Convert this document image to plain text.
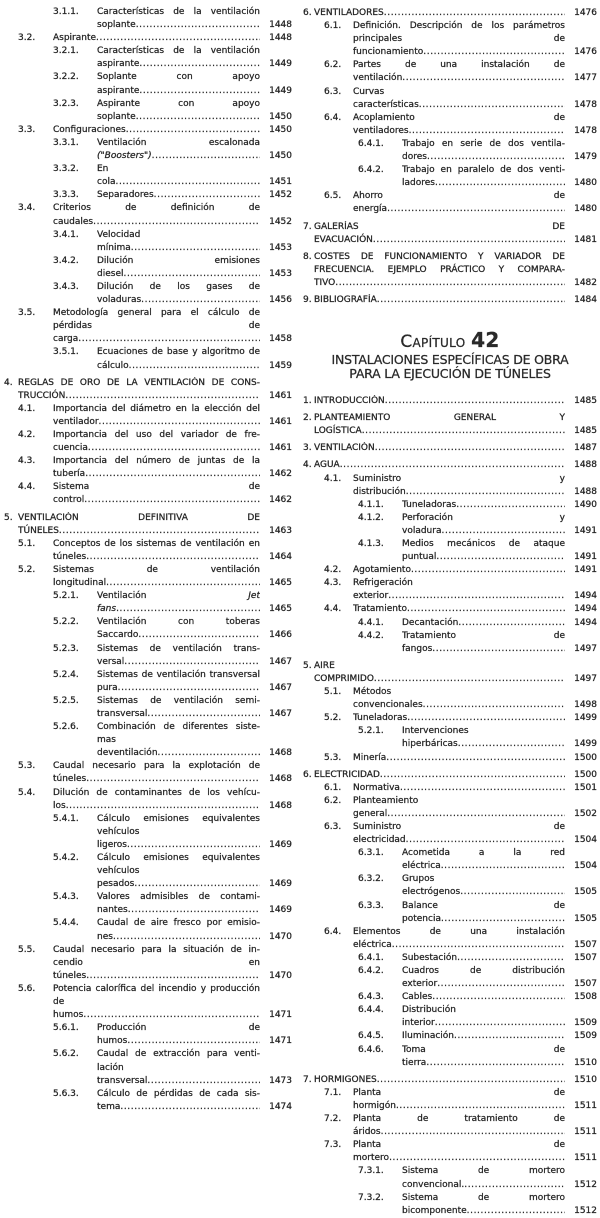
3.1.1.	Características de la ventilación soplante .....	1448
3.2.	Aspirante .....	1448
3.2.1.	Características de la ventilación aspirante .....	1449
3.2.2.	Soplante con apoyo aspirante .....	1449
3.2.3.	Aspirante con apoyo soplante .....	1450
3.3.	Configuraciones .....	1450
3.3.1.	Ventilación escalonada ("Boosters") .....	1450
3.3.2.	En cola .....	1451
3.3.3.	Separadores .....	1452
3.4.	Criterios de definición de caudales .....	1452
3.4.1.	Velocidad mínima .....	1453
3.4.2.	Dilución emisiones diesel .....	1453
3.4.3.	Dilución de los gases de voladuras .....	1456
3.5.	Metodología general para el cálculo de pérdidas de carga .....	1458
3.5.1.	Ecuaciones de base y algoritmo de cálculo .....	1459
4. REGLAS DE ORO DE LA VENTILACIÓN DE CONSTRUCCIÓN .....	1461
4.1.	Importancia del diámetro en la elección del ventilador .....	1461
4.2.	Importancia del uso del variador de frecuencia .....	1461
4.3.	Importancia del número de juntas de la tubería .....	1462
4.4.	Sistema de control .....	1462
5. VENTILACIÓN DEFINITIVA DE TÚNELES .....	1463
5.1.	Conceptos de los sistemas de ventilación en túneles .....	1464
5.2.	Sistemas de ventilación longitudinal .....	1465
5.2.1.	Ventilación Jet fans .....	1465
5.2.2.	Ventilación con toberas Saccardo .....	1466
5.2.3.	Sistemas de ventilación transversal .....	1467
5.2.4.	Sistemas de ventilación transversal pura .....	1467
5.2.5.	Sistemas de ventilación semi-transversal .....	1467
5.2.6.	Combinación de diferentes sistemas deventilación .....	1468
5.3.	Caudal necesario para la explotación de túneles .....	1468
5.4.	Dilución de contaminantes de los vehículos .....	1468
5.4.1.	Cálculo emisiones equivalentes vehículos ligeros .....	1469
5.4.2.	Cálculo emisiones equivalentes vehículos pesados .....	1469
5.4.3.	Valores admisibles de contaminantes .....	1469
5.4.4.	Caudal de aire fresco por emisiones .....	1470
5.5.	Caudal necesario para la situación de incendio en túneles .....	1470
5.6.	Potencia calorífica del incendio y producción de humos .....	1471
5.6.1.	Producción de humos .....	1471
5.6.2.	Caudal de extracción para ventilación transversal .....	1473
5.6.3.	Cálculo de pérdidas de cada sistema .....	1474
6. VENTILADORES .....	1476
6.1.	Definición. Descripción de los parámetros principales de funcionamiento .....	1476
6.2.	Partes de una instalación de ventilación .....	1477
6.3.	Curvas características .....	1478
6.4.	Acoplamiento de ventiladores .....	1478
6.4.1.	Trabajo en serie de dos ventiladores .....	1479
6.4.2.	Trabajo en paralelo de dos ventiladores .....	1480
6.5.	Ahorro de energía .....	1480
7. GALERÍAS DE EVACUACIÓN .....	1481
8. COSTES DE FUNCIONAMIENTO Y VARIADOR DE FRECUENCIA. EJEMPLO PRÁCTICO Y COMPARATIVO .....	1482
9. BIBLIOGRAFÍA .....	1484
Capítulo 42
INSTALACIONES ESPECÍFICAS DE OBRA
PARA LA EJECUCIÓN DE TÚNELES
1. INTRODUCCIÓN .....	1485
2. PLANTEAMIENTO GENERAL Y LOGÍSTICA .....	1485
3. VENTILACIÓN .....	1487
4. AGUA .....	1488
4.1.	Suministro y distribución .....	1488
4.1.1.	Tuneladoras .....	1490
4.1.2.	Perforación y voladura .....	1491
4.1.3.	Medios mecánicos de ataque puntual .....	1491
4.2.	Agotamiento .....	1491
4.3.	Refrigeración exterior .....	1494
4.4.	Tratamiento .....	1494
4.4.1.	Decantación .....	1494
4.4.2.	Tratamiento de fangos .....	1497
5. AIRE COMPRIMIDO .....	1497
5.1.	Métodos convencionales .....	1498
5.2.	Tuneladoras .....	1499
5.2.1.	Intervenciones hiperbáricas .....	1499
5.3.	Minería .....	1500
6. ELECTRICIDAD .....	1500
6.1.	Normativa .....	1501
6.2.	Planteamiento general .....	1502
6.3.	Suministro de electricidad .....	1504
6.3.1.	Acometida a la red eléctrica .....	1504
6.3.2.	Grupos electrógenos .....	1505
6.3.3.	Balance de potencia .....	1505
6.4.	Elementos de una instalación eléctrica .....	1507
6.4.1.	Subestación .....	1507
6.4.2.	Cuadros de distribución exterior .....	1507
6.4.3.	Cables .....	1508
6.4.4.	Distribución interior .....	1509
6.4.5.	Iluminación .....	1509
6.4.6.	Toma de tierra .....	1510
7. HORMIGONES .....	1510
7.1.	Planta de hormigón .....	1511
7.2.	Planta de tratamiento de áridos .....	1511
7.3.	Planta de mortero .....	1511
7.3.1.	Sistema de mortero convencional. .....	1512
7.3.2.	Sistema de mortero bicomponente .....	1512
